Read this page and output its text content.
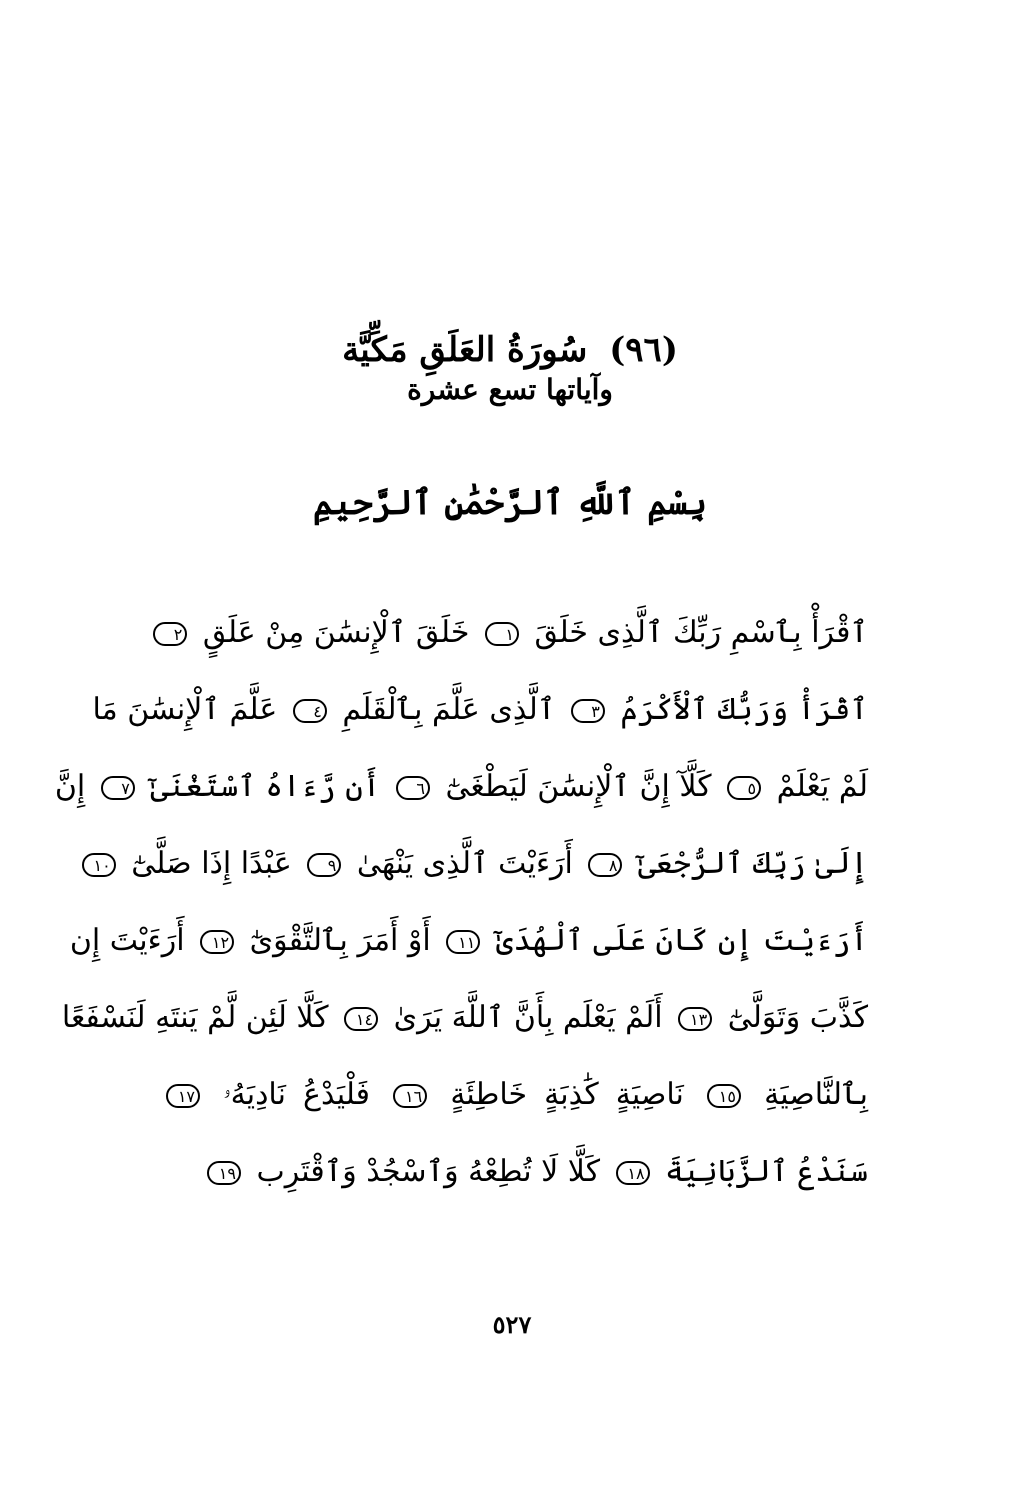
(٩٦) سُورَةُ العَلَقِ مَكِّيَّة
وآياتها تسع عشرة
بِسْمِ ٱللَّهِ ٱلرَّحْمَٰنِ ٱلرَّحِيمِ
ٱقْرَأْ بِٱسْمِ رَبِّكَ ٱلَّذِى خَلَقَ ١ خَلَقَ ٱلْإِنسَٰنَ مِنْ عَلَقٍ ٢
ٱقْرَأْ وَرَبُّكَ ٱلْأَكْرَمُ ٣ ٱلَّذِى عَلَّمَ بِٱلْقَلَمِ ٤ عَلَّمَ ٱلْإِنسَٰنَ مَا
لَمْ يَعْلَمْ ٥ كَلَّآ إِنَّ ٱلْإِنسَٰنَ لَيَطْغَىٰٓ ٦ أَن رَّءَاهُ ٱسْتَغْنَىٰٓ ٧ إِنَّ
إِلَىٰ رَبِّكَ ٱلرُّجْعَىٰٓ ٨ أَرَءَيْتَ ٱلَّذِى يَنْهَىٰ ٩ عَبْدًا إِذَا صَلَّىٰٓ ١٠
أَرَءَيْتَ إِن كَانَ عَلَى ٱلْهُدَىٰٓ ١١ أَوْ أَمَرَ بِٱلتَّقْوَىٰٓ ١٢ أَرَءَيْتَ إِن
كَذَّبَ وَتَوَلَّىٰٓ ١٣ أَلَمْ يَعْلَم بِأَنَّ ٱللَّهَ يَرَىٰ ١٤ كَلَّا لَئِن لَّمْ يَنتَهِ لَنَسْفَعًا
بِٱلنَّاصِيَةِ ١٥ نَاصِيَةٍ كَٰذِبَةٍ خَاطِئَةٍ ١٦ فَلْيَدْعُ نَادِيَهُۥ ١٧
سَنَدْعُ ٱلزَّبَانِيَةَ ١٨ كَلَّا لَا تُطِعْهُ وَٱسْجُدْ وَٱقْتَرِب ١٩
٥٢٧
